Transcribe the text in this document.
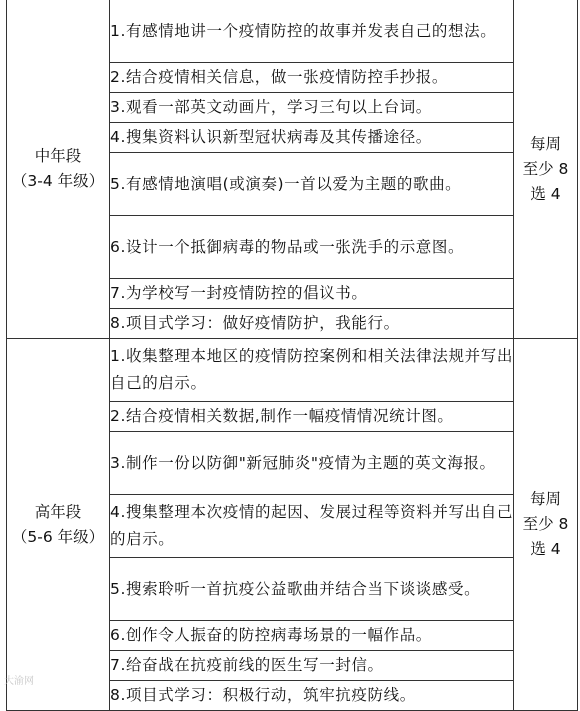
中年段
（3-4 年级）	1.有感情地讲一个疫情防控的故事并发表自己的想法。	每周
至少 8
选 4

	2.结合疫情相关信息，做一张疫情防控手抄报。	
	3.观看一部英文动画片，学习三句以上台词。	
	4.搜集资料认识新型冠状病毒及其传播途径。	
	5.有感情地演唱(或演奏)一首以爱为主题的歌曲。	
	6.设计一个抵御病毒的物品或一张洗手的示意图。	
	7.为学校写一封疫情防控的倡议书。	
	8.项目式学习：做好疫情防护，我能行。	

高年段
（5-6 年级）	1.收集整理本地区的疫情防控案例和相关法律法规并写出自己的启示。	每周
至少 8
选 4

	2.结合疫情相关数据,制作一幅疫情情况统计图。	
	3.制作一份以防御"新冠肺炎"疫情为主题的英文海报。	
	4.搜集整理本次疫情的起因、发展过程等资料并写出自己的启示。	
	5.搜索聆听一首抗疫公益歌曲并结合当下谈谈感受。	
	6.创作令人振奋的防控病毒场景的一幅作品。	
	7.给奋战在抗疫前线的医生写一封信。	
	8.项目式学习：积极行动，筑牢抗疫防线。	
大渝网
